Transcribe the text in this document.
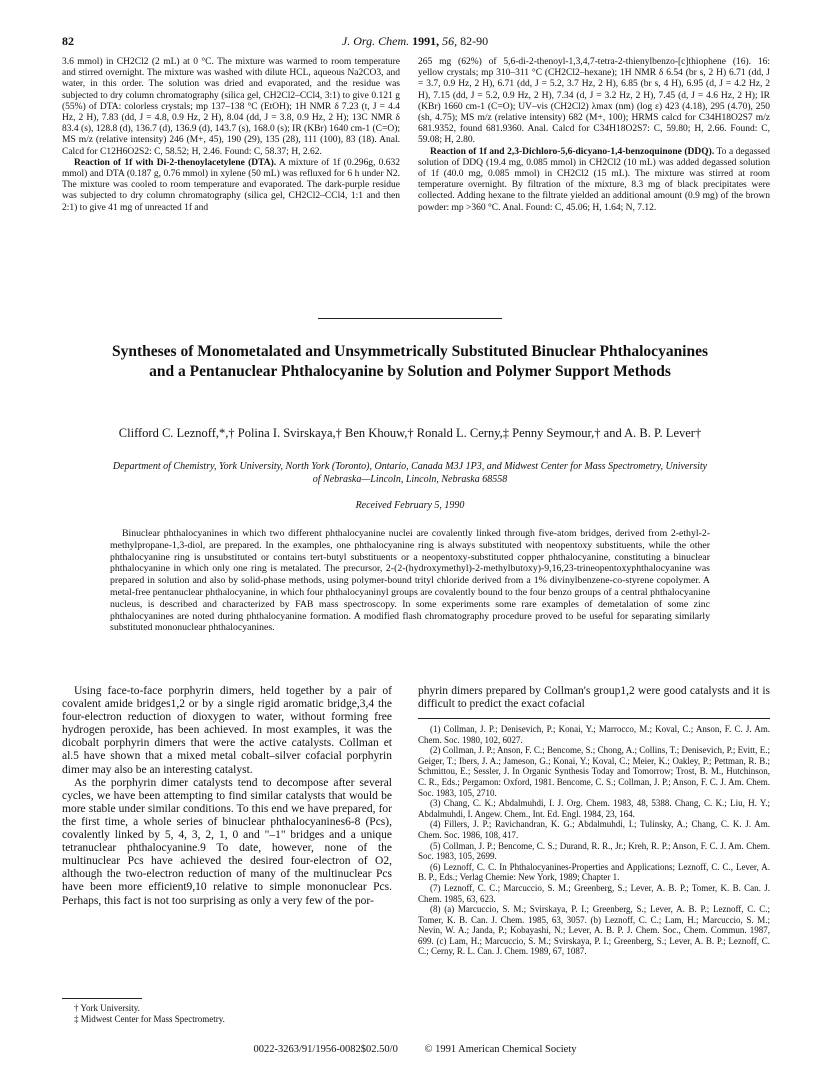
82	J. Org. Chem. 1991, 56, 82-90

3.6 mmol) in CH2Cl2 (2 mL) at 0 °C. The mixture was warmed to room temperature and stirred overnight. The mixture was washed with dilute HCL, aqueous Na2CO3, and water, in this order. The solution was dried and evaporated, and the residue was subjected to dry column chromatography (silica gel, CH2Cl2–CCl4, 3:1) to give 0.121 g (55%) of DTA: colorless crystals; mp 137–138 °C (EtOH); 1H NMR δ 7.23 (t, J = 4.4 Hz, 2 H), 7.83 (dd, J = 4.8, 0.9 Hz, 2 H), 8.04 (dd, J = 3.8, 0.9 Hz, 2 H); 13C NMR δ 83.4 (s), 128.8 (d), 136.7 (d), 136.9 (d), 143.7 (s), 168.0 (s); IR (KBr) 1640 cm-1 (C=O); MS m/z (relative intensity) 246 (M+, 45), 190 (29), 135 (28), 111 (100), 83 (18). Anal. Calcd for C12H6O2S2: C, 58.52; H, 2.46. Found: C, 58.37; H, 2.62.

Reaction of 1f with Di-2-thenoylacetylene (DTA). A mixture of 1f (0.296g, 0.632 mmol) and DTA (0.187 g, 0.76 mmol) in xylene (50 mL) was refluxed for 6 h under N2. The mixture was cooled to room temperature and evaporated. The dark-purple residue was subjected to dry column chromatography (silica gel, CH2Cl2–CCl4, 1:1 and then 2:1) to give 41 mg of unreacted 1f and

265 mg (62%) of 5,6-di-2-thenoyl-1,3,4,7-tetra-2-thienylbenzo-[c]thiophene (16). 16: yellow crystals; mp 310–311 °C (CH2Cl2–hexane); 1H NMR δ 6.54 (br s, 2 H) 6.71 (dd, J = 3.7, 0.9 Hz, 2 H), 6.71 (dd, J = 5.2, 3.7 Hz, 2 H), 6.85 (br s, 4 H), 6.95 (d, J = 4.2 Hz, 2 H), 7.15 (dd, J = 5.2, 0.9 Hz, 2 H), 7.34 (d, J = 3.2 Hz, 2 H), 7.45 (d, J = 4.6 Hz, 2 H); IR (KBr) 1660 cm-1 (C=O); UV–vis (CH2Cl2) λmax (nm) (log ε) 423 (4.18), 295 (4.70), 250 (sh, 4.75); MS m/z (relative intensity) 682 (M+, 100); HRMS calcd for C34H18O2S7 m/z 681.9352, found 681.9360. Anal. Calcd for C34H18O2S7: C, 59.80; H, 2.66. Found: C, 59.08; H, 2.80.

Reaction of 1f and 2,3-Dichloro-5,6-dicyano-1,4-benzoquinone (DDQ). To a degassed solution of DDQ (19.4 mg, 0.085 mmol) in CH2Cl2 (10 mL) was added degassed solution of 1f (40.0 mg, 0.085 mmol) in CH2Cl2 (15 mL). The mixture was stirred at room temperature overnight. By filtration of the mixture, 8.3 mg of black precipitates were collected. Adding hexane to the filtrate yielded an additional amount (0.9 mg) of the brown powder: mp >360 °C. Anal. Found: C, 45.06; H, 1.64; N, 7.12.

Syntheses of Monometalated and Unsymmetrically Substituted Binuclear Phthalocyanines and a Pentanuclear Phthalocyanine by Solution and Polymer Support Methods
Clifford C. Leznoff,*,† Polina I. Svirskaya,† Ben Khouw,† Ronald L. Cerny,‡ Penny Seymour,† and A. B. P. Lever†
Department of Chemistry, York University, North York (Toronto), Ontario, Canada M3J 1P3, and Midwest Center for Mass Spectrometry, University of Nebraska—Lincoln, Lincoln, Nebraska 68558
Received February 5, 1990
Binuclear phthalocyanines in which two different phthalocyanine nuclei are covalently linked through five-atom bridges, derived from 2-ethyl-2-methylpropane-1,3-diol, are prepared. In the examples, one phthalocyanine ring is always substituted with neopentoxy substituents, while the other phthalocyanine ring is unsubstituted or contains tert-butyl substituents or a neopentoxy-substituted copper phthalocyanine, constituting a binuclear phthalocyanine in which only one ring is metalated. The precursor, 2-(2-(hydroxymethyl)-2-methylbutoxy)-9,16,23-trineopentoxyphthalocyanine was prepared in solution and also by solid-phase methods, using polymer-bound trityl chloride derived from a 1% divinylbenzene-co-styrene copolymer. A metal-free pentanuclear phthalocyanine, in which four phthalocyaninyl groups are covalently bound to the four benzo groups of a central phthalocyanine nucleus, is described and characterized by FAB mass spectroscopy. In some experiments some rare examples of demetalation of some zinc phthalocyanines are noted during phthalocyanine formation. A modified flash chromatography procedure proved to be useful for separating similarly substituted mononuclear phthalocyanines.

Using face-to-face porphyrin dimers, held together by a pair of covalent amide bridges1,2 or by a single rigid aromatic bridge,3,4 the four-electron reduction of dioxygen to water, without forming free hydrogen peroxide, has been achieved. In most examples, it was the dicobalt porphyrin dimers that were the active catalysts. Collman et al.5 have shown that a mixed metal cobalt–silver cofacial porphyrin dimer may also be an interesting catalyst.

As the porphyrin dimer catalysts tend to decompose after several cycles, we have been attempting to find similar catalysts that would be more stable under similar conditions. To this end we have prepared, for the first time, a whole series of binuclear phthalocyanines6-8 (Pcs), covalently linked by 5, 4, 3, 2, 1, 0 and "–1" bridges and a unique tetranuclear phthalocyanine.9 To date, however, none of the multinuclear Pcs have achieved the desired four-electron of O2, although the two-electron reduction of many of the multinuclear Pcs have been more efficient9,10 relative to simple mononuclear Pcs. Perhaps, this fact is not too surprising as only a very few of the por-

phyrin dimers prepared by Collman's group1,2 were good catalysts and it is difficult to predict the exact cofacial

(1) Collman, J. P.; Denisevich, P.; Konai, Y.; Marrocco, M.; Koval, C.; Anson, F. C. J. Am. Chem. Soc. 1980, 102, 6027.

(2) Collman, J. P.; Anson, F. C.; Bencome, S.; Chong, A.; Collins, T.; Denisevich, P.; Evitt, E.; Geiger, T.; Ibers, J. A.; Jameson, G.; Konai, Y.; Koval, C.; Meier, K.; Oakley, P.; Pettman, R. B.; Schmittou, E.; Sessler, J. In Organic Synthesis Today and Tomorrow; Trost, B. M., Hutchinson, C. R., Eds.; Pergamon: Oxford, 1981. Bencome, C. S.; Collman, J. P.; Anson, F. C. J. Am. Chem. Soc. 1983, 105, 2710.

(3) Chang, C. K.; Abdalmuhdi, I. J. Org. Chem. 1983, 48, 5388. Chang, C. K.; Liu, H. Y.; Abdalmuhdi, I. Angew. Chem., Int. Ed. Engl. 1984, 23, 164.

(4) Fillers, J. P.; Ravichandran, K. G.; Abdalmuhdi, I.; Tulinsky, A.; Chang, C. K. J. Am. Chem. Soc. 1986, 108, 417.

(5) Collman, J. P.; Bencome, C. S.; Durand, R. R., Jr.; Kreh, R. P.; Anson, F. C. J. Am. Chem. Soc. 1983, 105, 2699.

(6) Leznoff, C. C. In Phthalocyanines-Properties and Applications; Leznoff, C. C., Lever, A. B. P., Eds.; Verlag Chemie: New York, 1989; Chapter 1.

(7) Leznoff, C. C.; Marcuccio, S. M.; Greenberg, S.; Lever, A. B. P.; Tomer, K. B. Can. J. Chem. 1985, 63, 623.

(8) (a) Marcuccio, S. M.; Svirskaya, P. I.; Greenberg, S.; Lever, A. B. P.; Leznoff, C. C.; Tomer, K. B. Can. J. Chem. 1985, 63, 3057. (b) Leznoff, C. C.; Lam, H.; Marcuccio, S. M.; Nevin, W. A.; Janda, P.; Kobayashi, N.; Lever, A. B. P. J. Chem. Soc., Chem. Commun. 1987, 699. (c) Lam, H.; Marcuccio, S. M.; Svirskaya, P. I.; Greenberg, S.; Lever, A. B. P.; Leznoff, C. C.; Cerny, R. L. Can. J. Chem. 1989, 67, 1087.

† York University.

‡ Midwest Center for Mass Spectrometry.

0022-3263/91/1956-0082$02.50/0	© 1991 American Chemical Society
